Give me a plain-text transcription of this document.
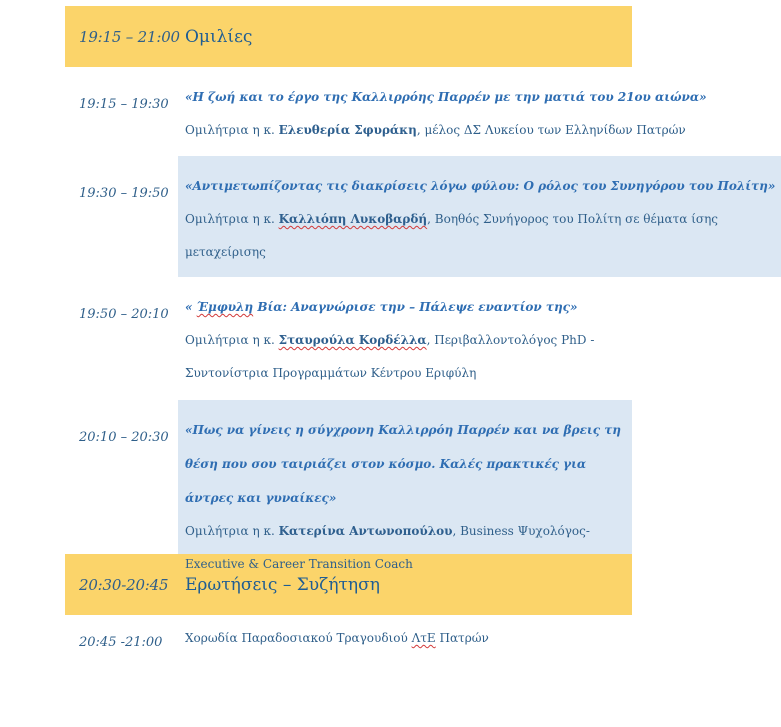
19:15 – 21:00 Ομιλίες
19:15 – 19:30	«Η ζωή και το έργο της Καλλιρρόης Παρρέν με την ματιά του 21ου αιώνα»
Ομιλήτρια η κ. Ελευθερία Σφυράκη, μέλος ΔΣ Λυκείου των Ελληνίδων Πατρών
19:30 – 19:50	«Αντιμετωπίζοντας τις διακρίσεις λόγω φύλου: Ο ρόλος του Συνηγόρου του Πολίτη»
Ομιλήτρια η κ. Καλλιόπη Λυκοβαρδή, Βοηθός Συνήγορος του Πολίτη σε θέματα ίσης μεταχείρισης
19:50 – 20:10	« Έμφυλη Βία: Αναγνώρισε την – Πάλεψε εναντίον της»
Ομιλήτρια η κ. Σταυρούλα Κορδέλλα, Περιβαλλοντολόγος PhD - Συντονίστρια Προγραμμάτων Κέντρου Εριφύλη
20:10 – 20:30	«Πως να γίνεις η σύγχρονη Καλλιρρόη Παρρέν και να βρεις τη θέση που σου ταιριάζει στον κόσμο. Καλές πρακτικές για άντρες και γυναίκες»
Ομιλήτρια η κ. Κατερίνα Αντωνοπούλου, Business Ψυχολόγος-Executive & Career Transition Coach
20:30-20:45 Ερωτήσεις – Συζήτηση
20:45 -21:00	Χορωδία Παραδοσιακού Τραγουδιού ΛτΕ Πατρών
